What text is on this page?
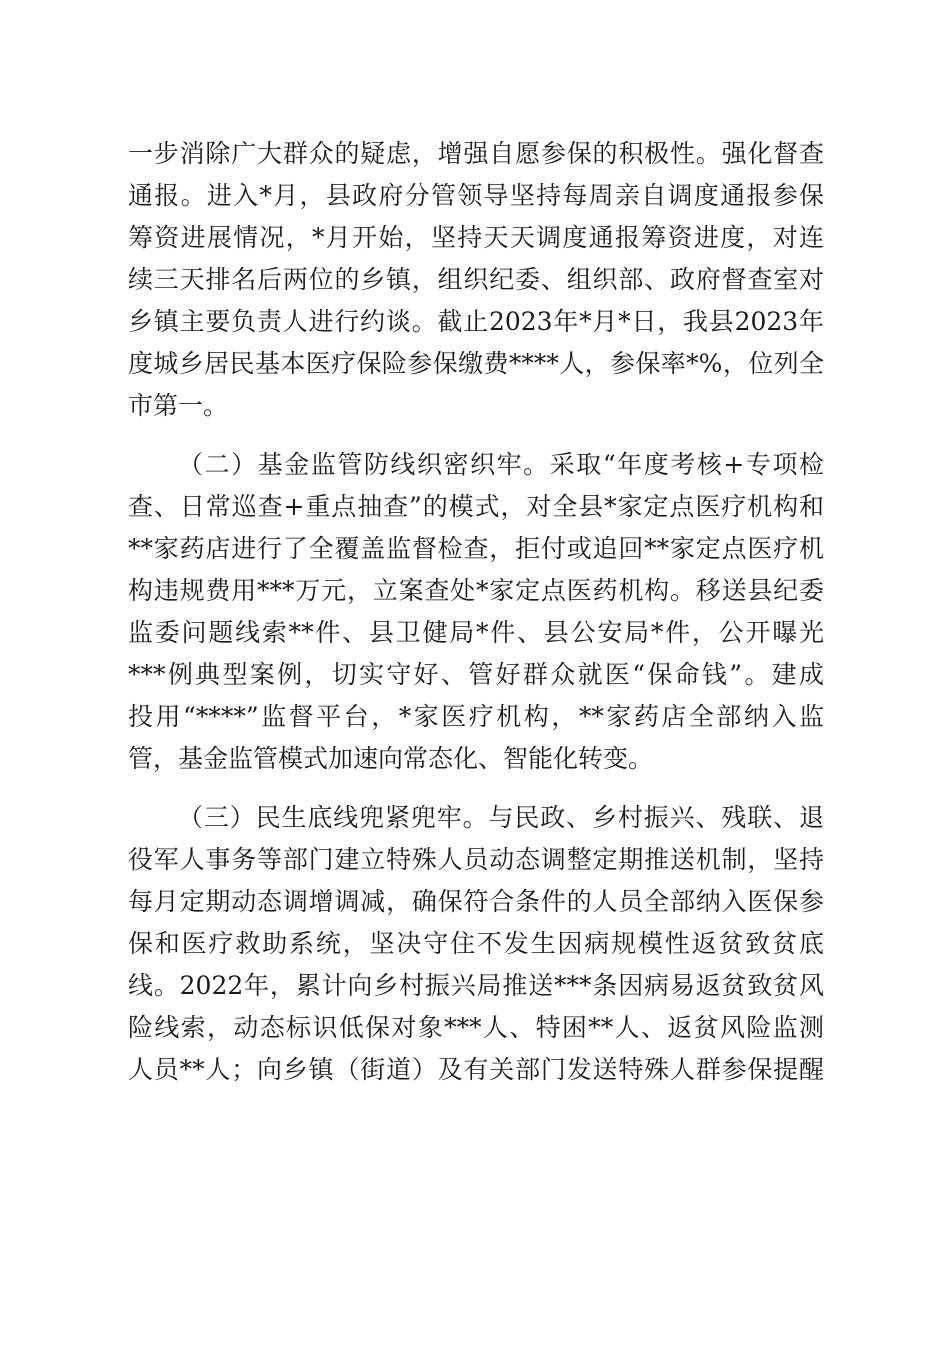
一步消除广大群众的疑虑，增强自愿参保的积极性。强化督查
通报。进入*月，县政府分管领导坚持每周亲自调度通报参保
筹资进展情况，*月开始，坚持天天调度通报筹资进度，对连
续三天排名后两位的乡镇，组织纪委、组织部、政府督查室对
乡镇主要负责人进行约谈。截止2023年*月*日，我县2023年
度城乡居民基本医疗保险参保缴费****人，参保率*%，位列全
市第一。
（二）基金监管防线织密织牢。采取“年度考核+专项检
查、日常巡查+重点抽查”的模式，对全县*家定点医疗机构和
**家药店进行了全覆盖监督检查，拒付或追回**家定点医疗机
构违规费用***万元，立案查处*家定点医药机构。移送县纪委
监委问题线索**件、县卫健局*件、县公安局*件，公开曝光
***例典型案例，切实守好、管好群众就医“保命钱”。建成
投用“****”监督平台，*家医疗机构，**家药店全部纳入监
管，基金监管模式加速向常态化、智能化转变。
（三）民生底线兜紧兜牢。与民政、乡村振兴、残联、退
役军人事务等部门建立特殊人员动态调整定期推送机制，坚持
每月定期动态调增调减，确保符合条件的人员全部纳入医保参
保和医疗救助系统，坚决守住不发生因病规模性返贫致贫底
线。2022年，累计向乡村振兴局推送***条因病易返贫致贫风
险线索，动态标识低保对象***人、特困**人、返贫风险监测
人员**人；向乡镇（街道）及有关部门发送特殊人群参保提醒
